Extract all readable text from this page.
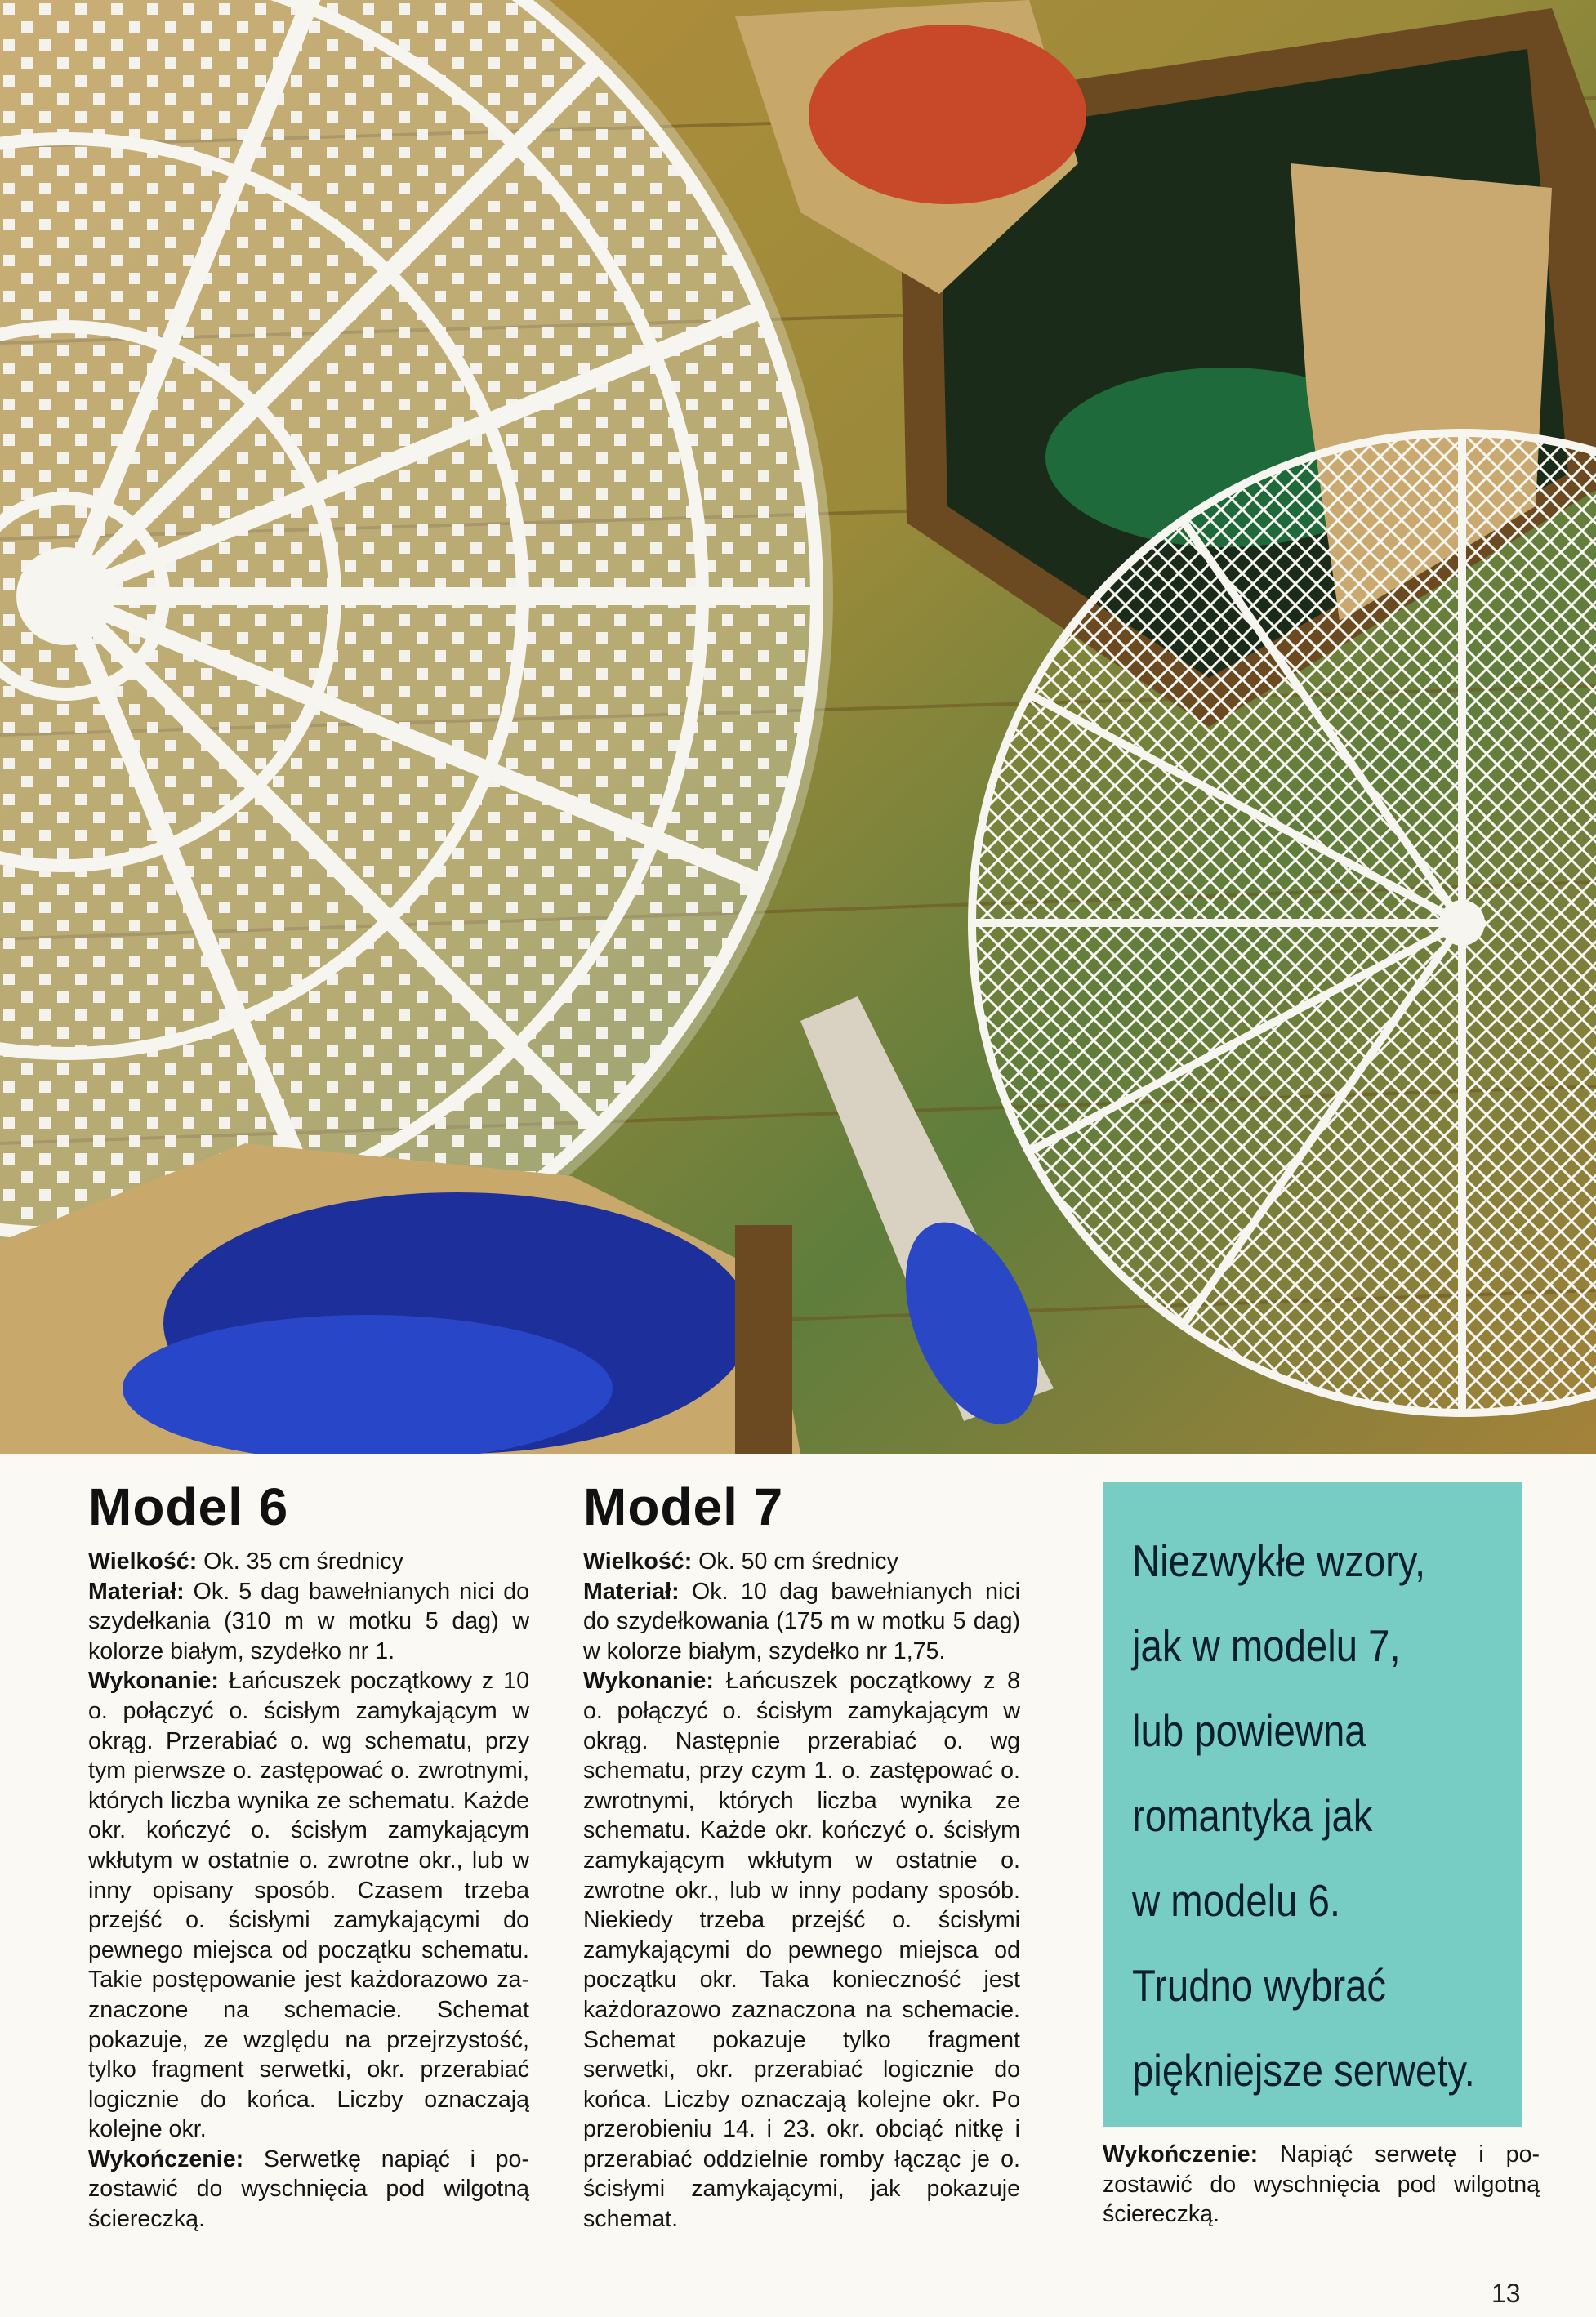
Model 6

Wielkość: Ok. 35 cm średnicy
Materiał: Ok. 5 dag bawełnianych nici do szydełkania (310 m w motku 5 dag) w kolorze białym, szydełko nr 1.
Wykonanie: Łańcuszek początkowy z 10 o. połączyć o. ścisłym zamykającym w okrąg. Przerabiać o. wg schematu, przy tym pierwsze o. zastępować o. zwrotnymi, których liczba wynika ze schematu. Każde okr. kończyć o. ścisłym zamykającym wkłutym w ostatnie o. zwrotne okr., lub w inny opisany sposób. Czasem trzeba przejść o. ścisłymi zamykającymi do pewnego miejsca od początku schematu. Takie postępowanie jest każdorazowo zaznaczone na schemacie. Schemat pokazuje, ze względu na przejrzystość, tylko fragment serwetki, okr. przerabiać logicznie do końca. Liczby oznaczają kolejne okr.
Wykończenie: Serwetkę napiąć i pozostawić do wyschnięcia pod wilgotną ściereczką.

Model 7

Wielkość: Ok. 50 cm średnicy
Materiał: Ok. 10 dag bawełnianych nici do szydełkowania (175 m w motku 5 dag) w kolorze białym, szydełko nr 1,75.
Wykonanie: Łańcuszek początkowy z 8 o. połączyć o. ścisłym zamykającym w okrąg. Następnie przerabiać o. wg schematu, przy czym 1. o. zastępować o. zwrotnymi, których liczba wynika ze schematu. Każde okr. kończyć o. ścisłym zamykającym wkłutym w ostatnie o. zwrotne okr., lub w inny podany sposób. Niekiedy trzeba przejść o. ścisłymi zamykającymi do pewnego miejsca od początku okr. Taka konieczność jest każdorazowo zaznaczona na schemacie. Schemat pokazuje tylko fragment serwetki, okr. przerabiać logicznie do końca. Liczby oznaczają kolejne okr. Po przerobieniu 14. i 23. okr. obciąć nitkę i przerabiać oddzielnie romby łącząc je o. ścisłymi zamykającymi, jak pokazuje schemat.

Niezwykłe wzory,
jak w modelu 7,
lub powiewna
romantyka jak
w modelu 6.
Trudno wybrać
piękniejsze serwety.

Wykończenie: Napiąć serwetę i pozostawić do wyschnięcia pod wilgotną ściereczką.

13
